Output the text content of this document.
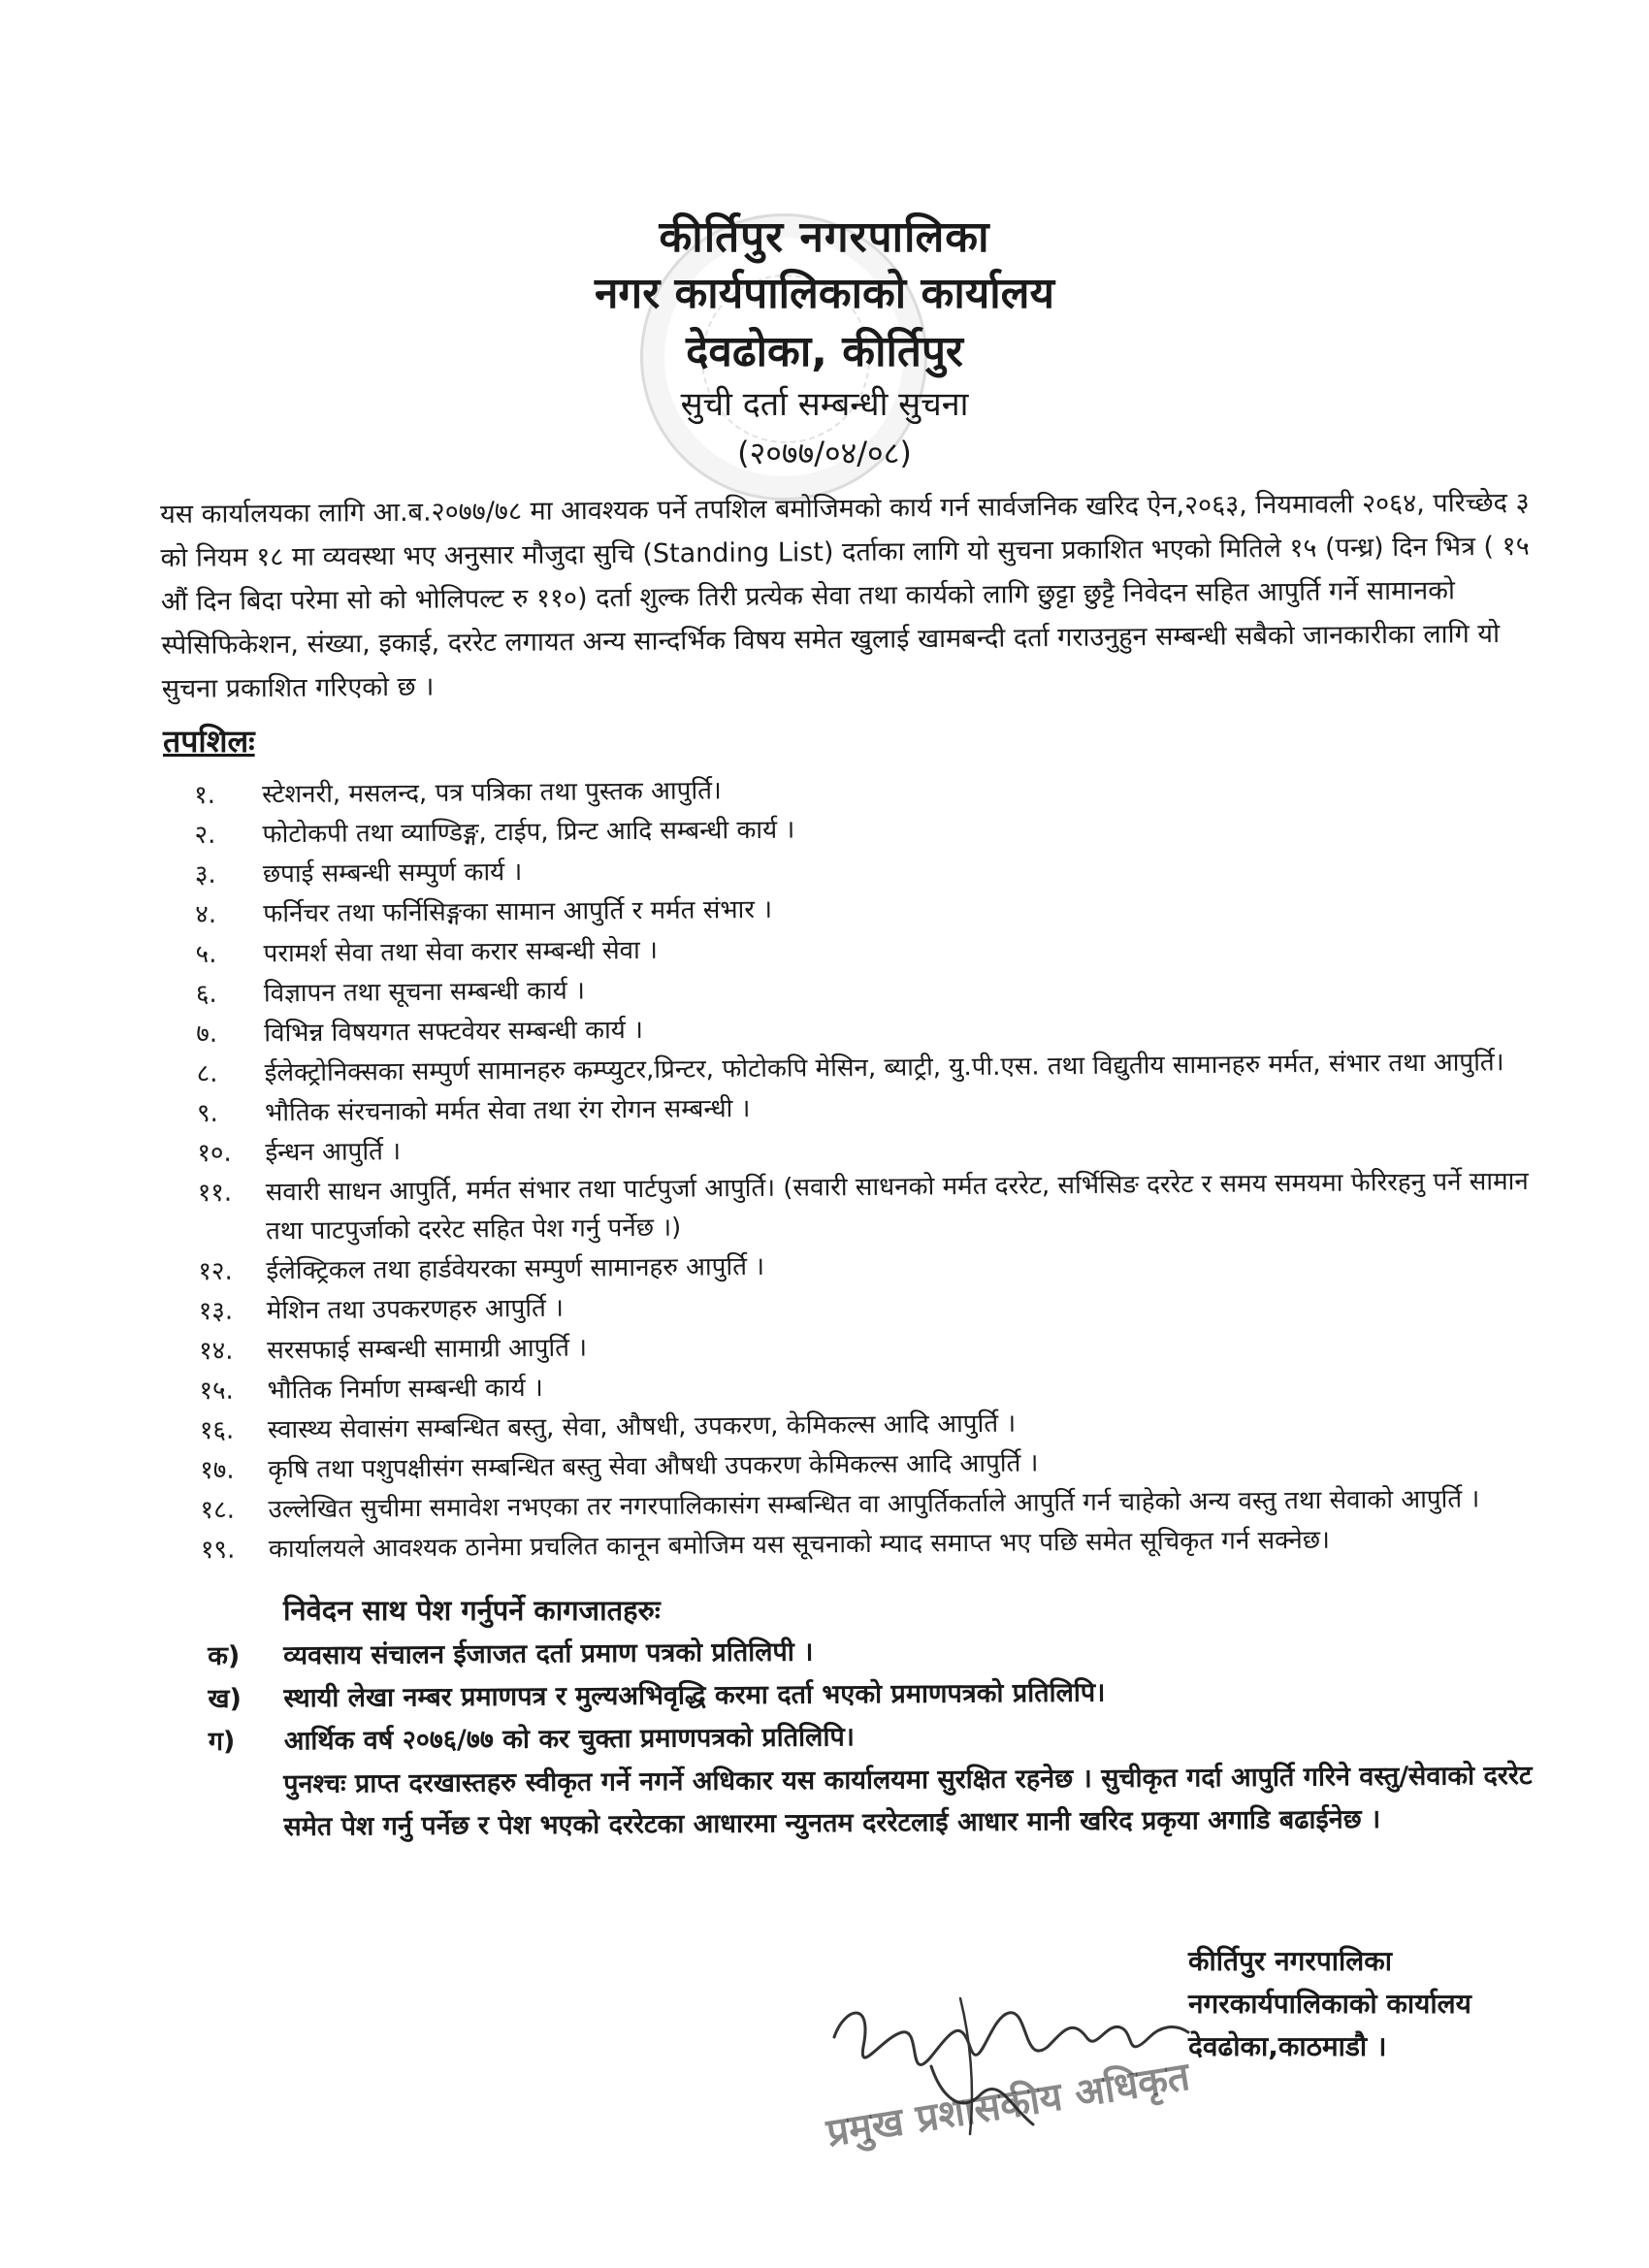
कीर्तिपुर नगरपालिका
नगर कार्यपालिकाको कार्यालय
देवढोका, कीर्तिपुर
सुची दर्ता सम्बन्धी सुचना
(२०७७/०४/०८)

यस कार्यालयका लागि आ.ब.२०७७/७८ मा आवश्यक पर्ने तपशिल बमोजिमको कार्य गर्न सार्वजनिक खरिद ऐन,२०६३, नियमावली २०६४, परिच्छेद ३ को नियम १८ मा व्यवस्था भए अनुसार मौजुदा सुचि (Standing List) दर्ताका लागि यो सुचना प्रकाशित भएको मितिले १५ (पन्ध्र) दिन भित्र ( १५ औं दिन बिदा परेमा सो को भोलिपल्ट रु ११०) दर्ता शुल्क तिरी प्रत्येक सेवा तथा कार्यको लागि छुट्टा छुट्टै निवेदन सहित आपुर्ति गर्ने सामानको स्पेसिफिकेशन, संख्या, इकाई, दररेट लगायत अन्य सान्दर्भिक विषय समेत खुलाई खामबन्दी दर्ता गराउनुहुन सम्बन्धी सबैको जानकारीका लागि यो सुचना प्रकाशित गरिएको छ ।

तपशिलः
१.	स्टेशनरी, मसलन्द, पत्र पत्रिका तथा पुस्तक आपुर्ति।
२.	फोटोकपी तथा व्याण्डिङ्ग, टाईप, प्रिन्ट आदि सम्बन्धी कार्य ।
३.	छपाई सम्बन्धी सम्पुर्ण कार्य ।
४.	फर्निचर तथा फर्निसिङ्गका सामान आपुर्ति र मर्मत संभार ।
५.	परामर्श सेवा तथा सेवा करार सम्बन्धी सेवा ।
६.	विज्ञापन तथा सूचना सम्बन्धी कार्य ।
७.	विभिन्न विषयगत सफ्टवेयर सम्बन्धी कार्य ।
८.	ईलेक्ट्रोनिक्सका सम्पुर्ण सामानहरु कम्प्युटर,प्रिन्टर, फोटोकपि मेसिन, ब्याट्री, यु.पी.एस. तथा विद्युतीय सामानहरु मर्मत, संभार तथा आपुर्ति।
९.	भौतिक संरचनाको मर्मत सेवा तथा रंग रोगन सम्बन्धी ।
१०.	ईन्धन आपुर्ति ।
११.	सवारी साधन आपुर्ति, मर्मत संभार तथा पार्टपुर्जा आपुर्ति। (सवारी साधनको मर्मत दररेट, सर्भिसिङ दररेट र समय समयमा फेरिरहनु पर्ने सामान तथा पाटपुर्जाको दररेट सहित पेश गर्नु पर्नेछ ।)
१२.	ईलेक्ट्रिकल तथा हार्डवेयरका सम्पुर्ण सामानहरु आपुर्ति ।
१३.	मेशिन तथा उपकरणहरु आपुर्ति ।
१४.	सरसफाई सम्बन्धी सामाग्री आपुर्ति ।
१५.	भौतिक निर्माण सम्बन्धी कार्य ।
१६.	स्वास्थ्य सेवासंग सम्बन्धित बस्तु, सेवा, औषधी, उपकरण, केमिकल्स आदि आपुर्ति ।
१७.	कृषि तथा पशुपक्षीसंग सम्बन्धित बस्तु सेवा औषधी उपकरण केमिकल्स आदि आपुर्ति ।
१८.	उल्लेखित सुचीमा समावेश नभएका तर नगरपालिकासंग सम्बन्धित वा आपुर्तिकर्ताले आपुर्ति गर्न चाहेको अन्य वस्तु तथा सेवाको आपुर्ति ।
१९.	कार्यालयले आवश्यक ठानेमा प्रचलित कानून बमोजिम यस सूचनाको म्याद समाप्त भए पछि समेत सूचिकृत गर्न सक्नेछ।
निवेदन साथ पेश गर्नुपर्ने कागजातहरुः
क)	व्यवसाय संचालन ईजाजत दर्ता प्रमाण पत्रको प्रतिलिपी ।
ख)	स्थायी लेखा नम्बर प्रमाणपत्र र मुल्यअभिवृद्धि करमा दर्ता भएको प्रमाणपत्रको प्रतिलिपि।
ग)	आर्थिक वर्ष २०७६/७७ को कर चुक्ता प्रमाणपत्रको प्रतिलिपि।

पुनश्चः प्राप्त दरखास्तहरु स्वीकृत गर्ने नगर्ने अधिकार यस कार्यालयमा सुरक्षित रहनेछ । सुचीकृत गर्दा आपुर्ति गरिने वस्तु/सेवाको दररेट समेत पेश गर्नु पर्नेछ र पेश भएको दररेटका आधारमा न्युनतम दररेटलाई आधार मानी खरिद प्रकृया अगाडि बढाईनेछ ।

कीर्तिपुर नगरपालिका
नगरकार्यपालिकाको कार्यालय
देवढोका,काठमाडौ ।
प्रमुख प्रशासकीय अधिकृत
